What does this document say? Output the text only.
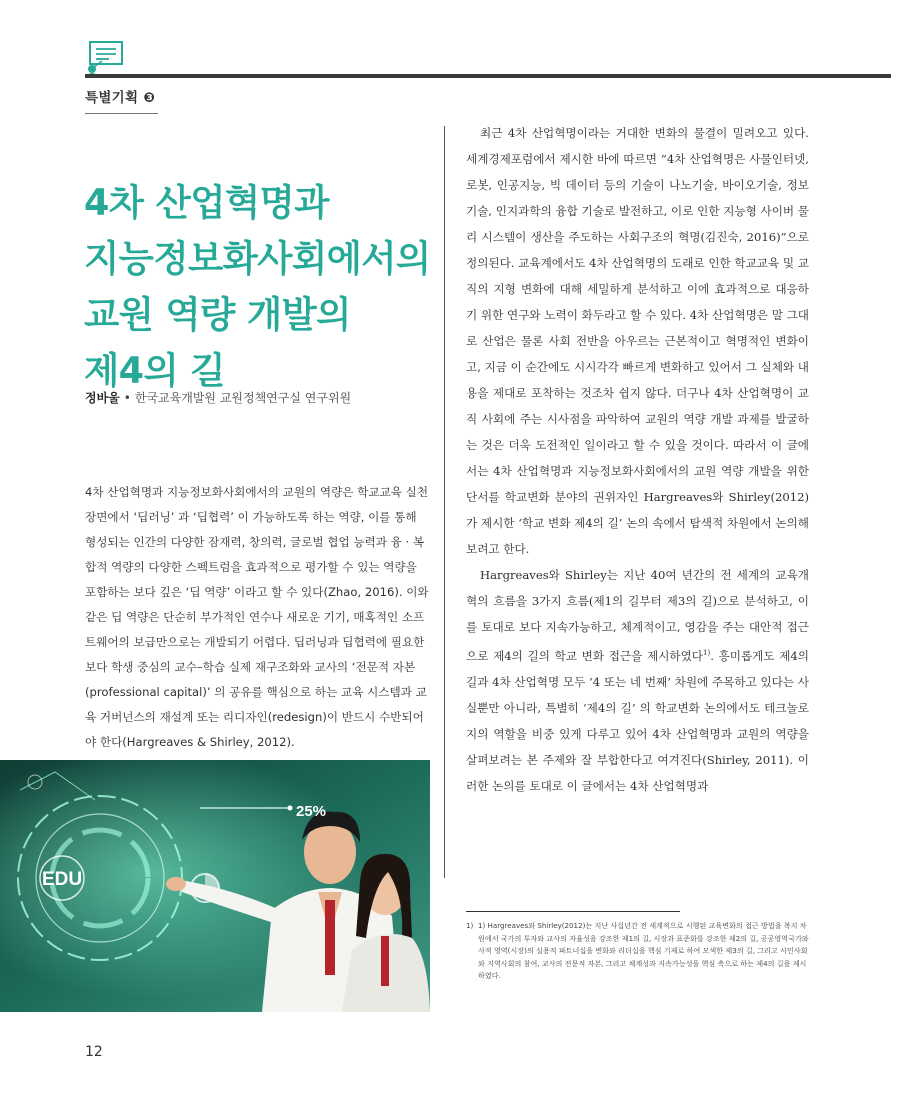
특별기획 ❸
4차 산업혁명과
지능정보화사회에서의
교원 역량 개발의
제4의 길
정바울 • 한국교육개발원 교원정책연구실 연구위원

4차 산업혁명과 지능정보화사회에서의 교원의 역량은 학교교육 실천 장면에서 ‘딥러닝’ 과 ‘딥협력’ 이 가능하도록 하는 역량, 이를 통해 형성되는 인간의 다양한 잠재력, 창의력, 글로벌 협업 능력과 융 · 복합적 역량의 다양한 스펙트럼을 효과적으로 평가할 수 있는 역량을 포함하는 보다 깊은 ‘딥 역량’ 이라고 할 수 있다(Zhao, 2016). 이와 같은 딥 역량은 단순히 부가적인 연수나 새로운 기기, 매혹적인 소프트웨어의 보급만으로는 개발되기 어렵다. 딥러닝과 딥협력에 필요한 보다 학생 중심의 교수–학습 실제 재구조화와 교사의 ‘전문적 자본(professional capital)’ 의 공유를 핵심으로 하는 교육 시스템과 교육 거버넌스의 재설계 또는 리디자인(redesign)이 반드시 수반되어야 한다(Hargreaves & Shirley, 2012).

EDU
25%

최근 4차 산업혁명이라는 거대한 변화의 물결이 밀려오고 있다. 세계경제포럼에서 제시한 바에 따르면 “4차 산업혁명은 사물인터넷, 로봇, 인공지능, 빅 데이터 등의 기술이 나노기술, 바이오기술, 정보기술, 인지과학의 융합 기술로 발전하고, 이로 인한 지능형 사이버 물리 시스템이 생산을 주도하는 사회구조의 혁명(김진숙, 2016)”으로 정의된다. 교육계에서도 4차 산업혁명의 도래로 인한 학교교육 및 교직의 지형 변화에 대해 세밀하게 분석하고 이에 효과적으로 대응하기 위한 연구와 노력이 화두라고 할 수 있다. 4차 산업혁명은 말 그대로 산업은 물론 사회 전반을 아우르는 근본적이고 혁명적인 변화이고, 지금 이 순간에도 시시각각 빠르게 변화하고 있어서 그 실체와 내용을 제대로 포착하는 것조차 쉽지 않다. 더구나 4차 산업혁명이 교직 사회에 주는 시사점을 파악하여 교원의 역량 개발 과제를 발굴하는 것은 더욱 도전적인 일이라고 할 수 있을 것이다. 따라서 이 글에서는 4차 산업혁명과 지능정보화사회에서의 교원 역량 개발을 위한 단서를 학교변화 분야의 권위자인 Hargreaves와 Shirley(2012)가 제시한 ‘학교 변화 제4의 길’ 논의 속에서 탐색적 차원에서 논의해 보려고 한다.

Hargreaves와 Shirley는 지난 40여 년간의 전 세계의 교육개혁의 흐름을 3가지 흐름(제1의 길부터 제3의 길)으로 분석하고, 이를 토대로 보다 지속가능하고, 체계적이고, 영감을 주는 대안적 접근으로 제4의 길의 학교 변화 접근을 제시하였다$^{1)}$. 흥미롭게도 제4의 길과 4차 산업혁명 모두 ‘4 또는 네 번째’ 차원에 주목하고 있다는 사실뿐만 아니라, 특별히 ‘제4의 길’ 의 학교변화 논의에서도 테크놀로지의 역할을 비중 있게 다루고 있어 4차 산업혁명과 교원의 역량을 살펴보려는 본 주제와 잘 부합한다고 여겨진다(Shirley, 2011). 이러한 논의를 토대로 이 글에서는 4차 산업혁명과

1) 1) Hargreaves와 Shirley(2012)는 지난 사십년간 전 세계적으로 시행된 교육변화의 접근 방법을 복지 차원에서 국가의 투자와 교사의 자율성을 강조한 제1의 길, 시장과 표준화를 강조한 제2의 길, 공공영역국가와 사적 영역(시장)의 실용적 파트너십을 변화와 리더십을 핵심 기제로 하여 모색한 제3의 길, 그리고 시민사회와 지역사회의 참여, 교사의 전문적 자본, 그리고 체계성과 지속가능성을 핵심 축으로 하는 제4의 길을 제시하였다.
12
